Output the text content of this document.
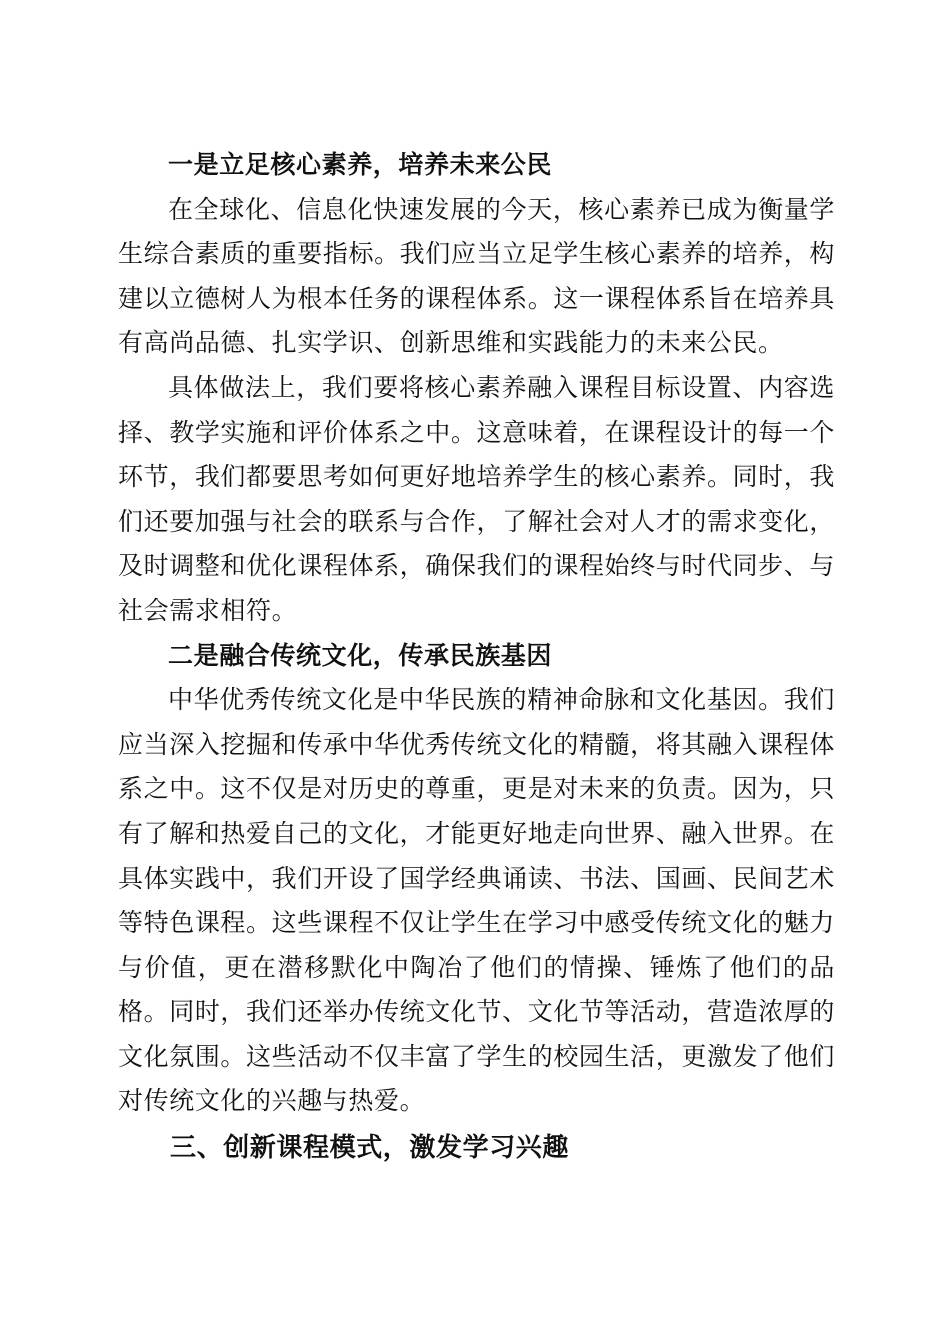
一是立足核心素养，培养未来公民

在全球化、信息化快速发展的今天，核心素养已成为衡量学生综合素质的重要指标。我们应当立足学生核心素养的培养，构建以立德树人为根本任务的课程体系。这一课程体系旨在培养具有高尚品德、扎实学识、创新思维和实践能力的未来公民。

具体做法上，我们要将核心素养融入课程目标设置、内容选择、教学实施和评价体系之中。这意味着，在课程设计的每一个环节，我们都要思考如何更好地培养学生的核心素养。同时，我们还要加强与社会的联系与合作，了解社会对人才的需求变化，及时调整和优化课程体系，确保我们的课程始终与时代同步、与社会需求相符。

二是融合传统文化，传承民族基因

中华优秀传统文化是中华民族的精神命脉和文化基因。我们应当深入挖掘和传承中华优秀传统文化的精髓，将其融入课程体系之中。这不仅是对历史的尊重，更是对未来的负责。因为，只有了解和热爱自己的文化，才能更好地走向世界、融入世界。在具体实践中，我们开设了国学经典诵读、书法、国画、民间艺术等特色课程。这些课程不仅让学生在学习中感受传统文化的魅力与价值，更在潜移默化中陶冶了他们的情操、锤炼了他们的品格。同时，我们还举办传统文化节、文化节等活动，营造浓厚的文化氛围。这些活动不仅丰富了学生的校园生活，更激发了他们对传统文化的兴趣与热爱。

三、创新课程模式，激发学习兴趣
